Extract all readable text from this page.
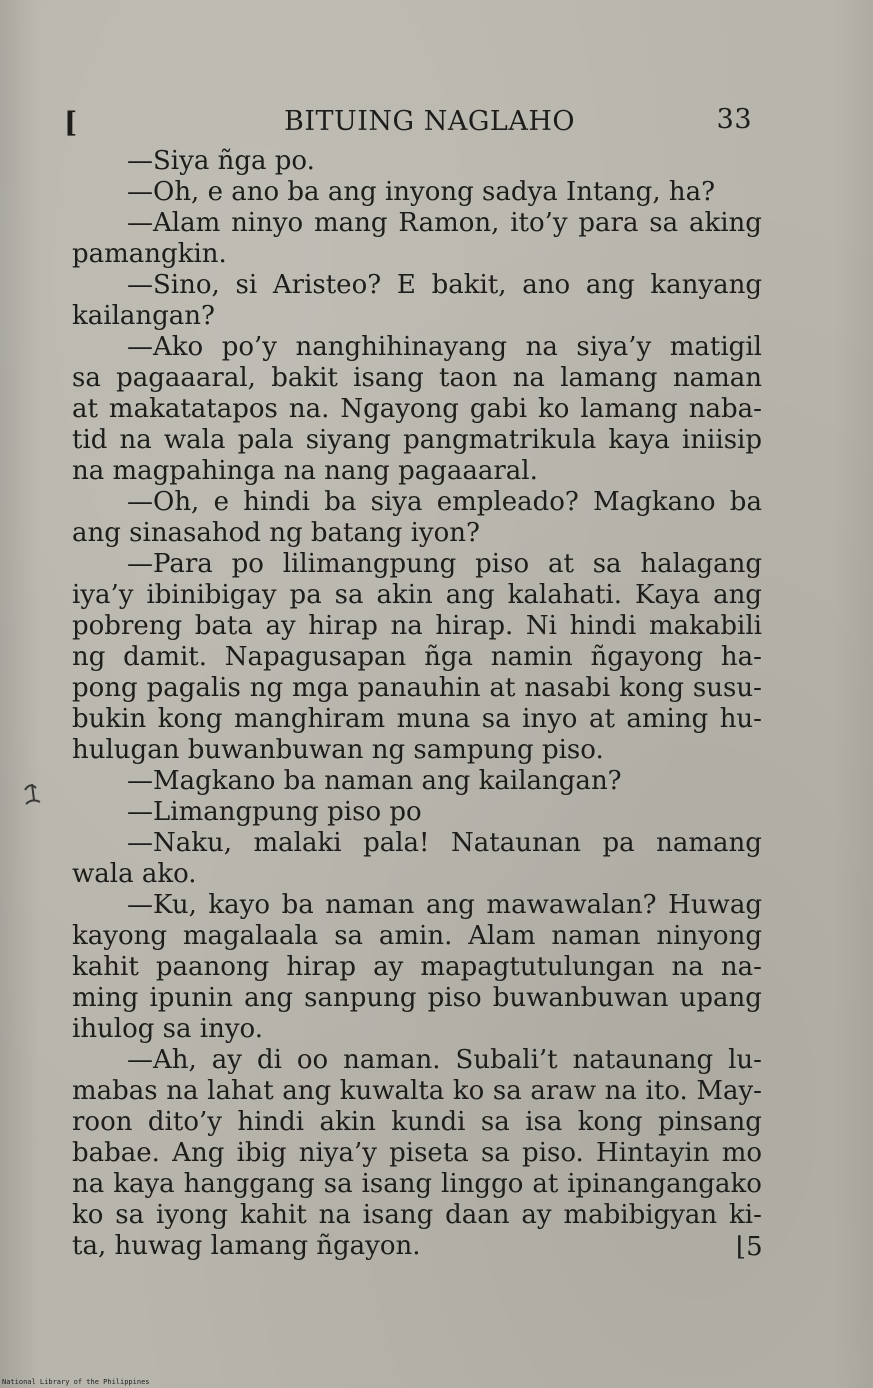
[	BITUING NAGLAHO	33
—Siya ñga po.
—Oh, e ano ba ang inyong sadya Intang, ha?
—Alam ninyo mang Ramon, ito’y para sa aking
pamangkin.
—Sino, si Aristeo? E bakit, ano ang kanyang
kailangan?
—Ako po’y nanghihinayang na siya’y matigil
sa pagaaaral, bakit isang taon na lamang naman
at makatatapos na. Ngayong gabi ko lamang naba-
tid na wala pala siyang pangmatrikula kaya iniisip
na magpahinga na nang pagaaaral.
—Oh, e hindi ba siya empleado? Magkano ba
ang sinasahod ng batang iyon?
—Para po lilimangpung piso at sa halagang
iya’y ibinibigay pa sa akin ang kalahati. Kaya ang
pobreng bata ay hirap na hirap. Ni hindi makabili
ng damit. Napagusapan ñga namin ñgayong ha-
pong pagalis ng mga panauhin at nasabi kong susu-
bukin kong manghiram muna sa inyo at aming hu-
hulugan buwanbuwan ng sampung piso.
—Magkano ba naman ang kailangan?
—Limangpung piso po
—Naku, malaki pala! Nataunan pa namang
wala ako.
—Ku, kayo ba naman ang mawawalan? Huwag
kayong magalaala sa amin. Alam naman ninyong
kahit paanong hirap ay mapagtutulungan na na-
ming ipunin ang sanpung piso buwanbuwan upang
ihulog sa inyo.
—Ah, ay di oo naman. Subali’t nataunang lu-
mabas na lahat ang kuwalta ko sa araw na ito. May-
roon dito’y hindi akin kundi sa isa kong pinsang
babae. Ang ibig niya’y piseta sa piso. Hintayin mo
na kaya hanggang sa isang linggo at ipinangangako
ko sa iyong kahit na isang daan ay mabibigyan ki-
ta, huwag lamang ñgayon.	⌊5
National Library of the Philippines
